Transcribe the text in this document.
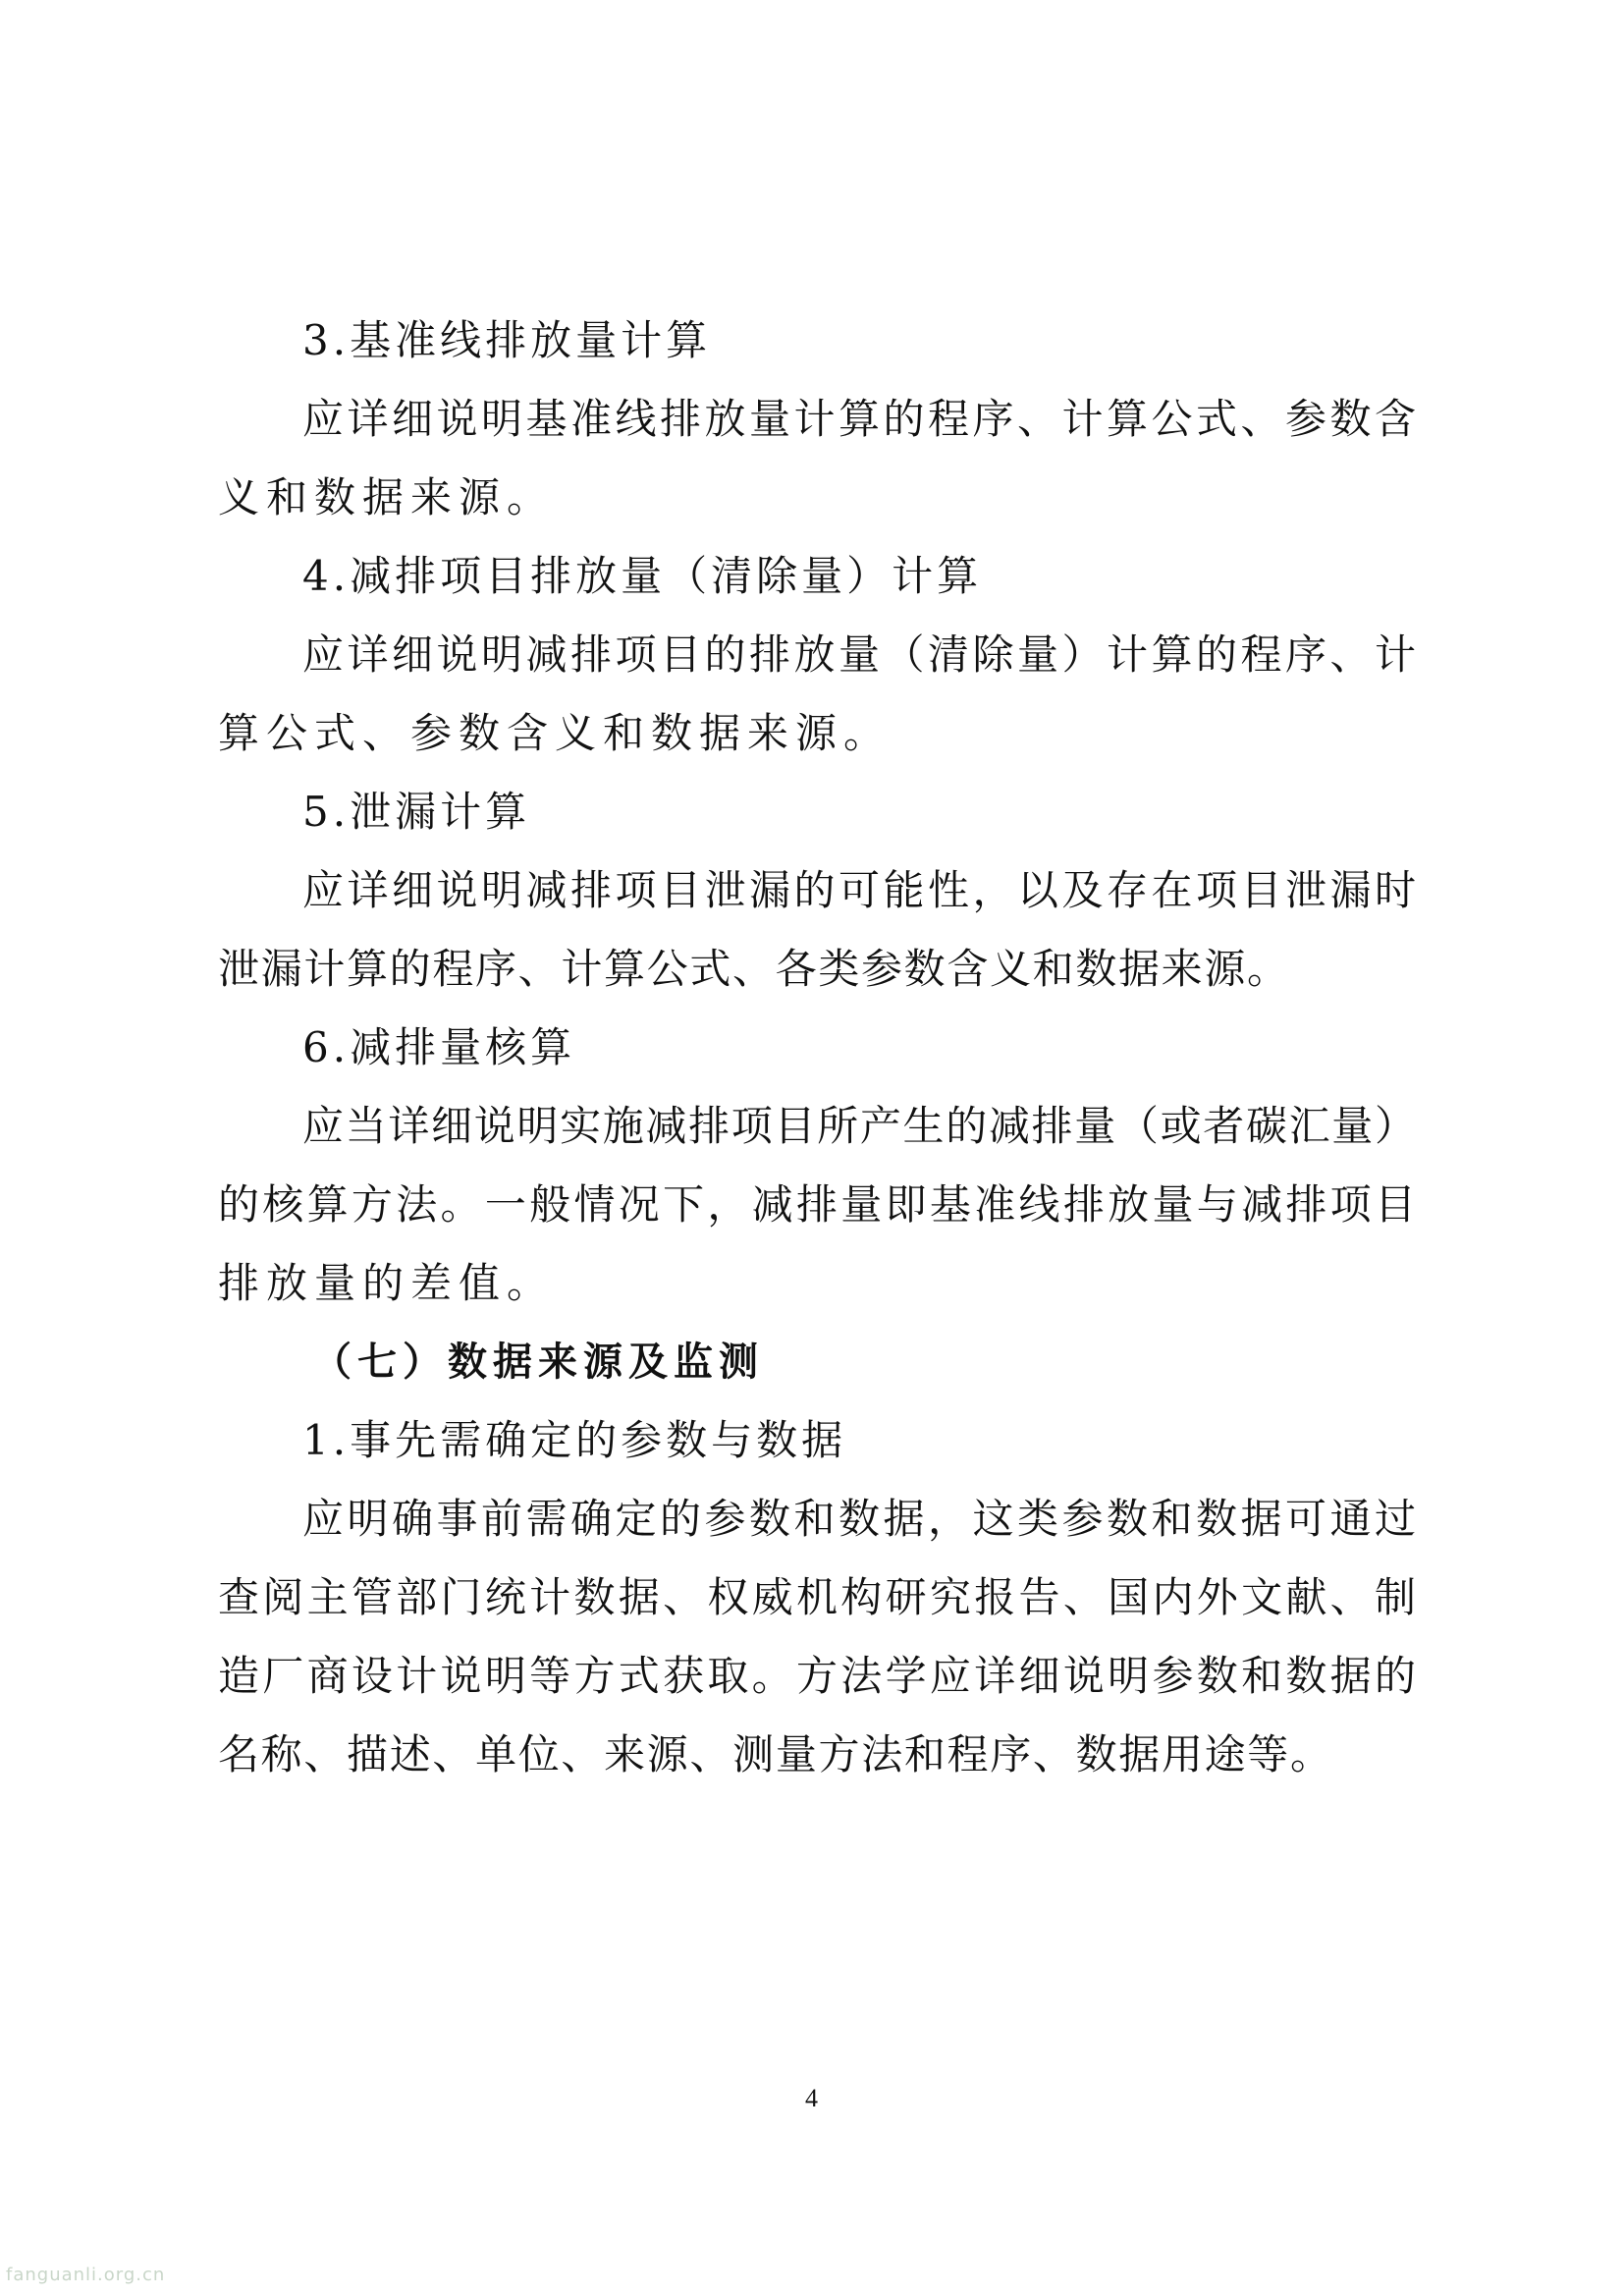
3.基准线排放量计算
应详细说明基准线排放量计算的程序、计算公式、参数含
义和数据来源。
4.减排项目排放量（清除量）计算
应详细说明减排项目的排放量（清除量）计算的程序、计
算公式、参数含义和数据来源。
5.泄漏计算
应详细说明减排项目泄漏的可能性，以及存在项目泄漏时
泄漏计算的程序、计算公式、各类参数含义和数据来源。
6.减排量核算
应当详细说明实施减排项目所产生的减排量（或者碳汇量）
的核算方法。一般情况下，减排量即基准线排放量与减排项目
排放量的差值。
（七）数据来源及监测
1.事先需确定的参数与数据
应明确事前需确定的参数和数据，这类参数和数据可通过
查阅主管部门统计数据、权威机构研究报告、国内外文献、制
造厂商设计说明等方式获取。方法学应详细说明参数和数据的
名称、描述、单位、来源、测量方法和程序、数据用途等。
4
fanguanli.org.cn
